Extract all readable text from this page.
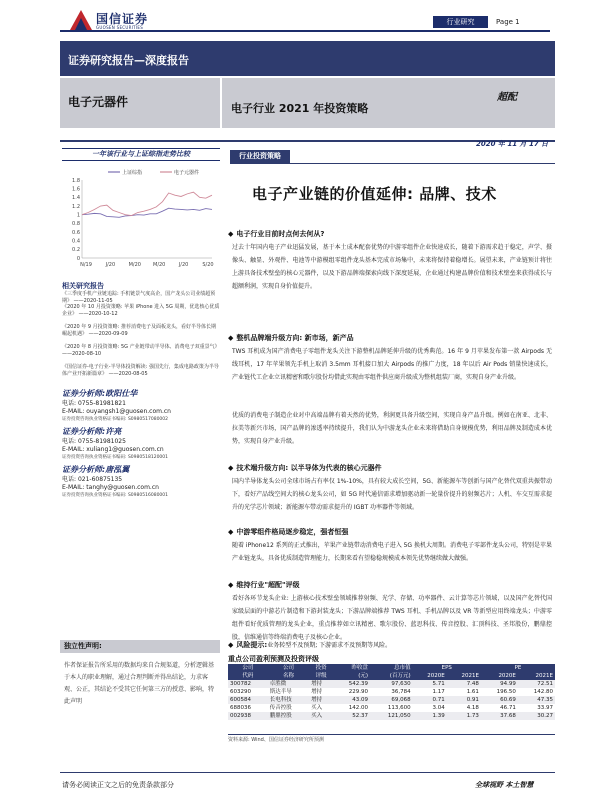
国信证券
GUOSEN SECURITIES
行业研究	Page 1
证券研究报告—深度报告
电子元器件	电子行业 2021 年投资策略
超配
2020 年 11 月 17 日
一年该行业与上证综指走势比较
上证综指	电子元器件
0
0.2
0.4
0.6
0.8
1
1.2
1.4
1.6
1.8
N/19	J/20	M/20 M/20	J/20	S/20
相关研究报告
《三季度手机产业链追踪: 手机链景气度高企，国产龙头公司业绩超预期》 ——2020-11-05
《2020 年 10 月投资策略: 苹果 iPhone 进入 5G 周期，优选核心优质企业》 ——2020-10-12
《2020 年 9 月投资策略: 推荐消费电子及面板龙头，看好半导体长期崛起机遇》 ——2020-09-09
《2020 年 8 月投资策略: 5G 产业链带动半导体、消费电子双重景气》 ——2020-08-10
《国信证券-电子行业-半导体投资解读: 强国先行，集成电路政策为半导体产业开拓新篇章》 ——2020-08-05
证券分析师:欧阳仕华
电话: 0755-81981821
E-MAIL: ouyangsh1@guosen.com.cn
证券投资咨询执业资格证书编码: S0980517080002
证券分析师:许亮
电话: 0755-81981025
E-MAIL: xuliang1@guosen.com.cn
证券投资咨询执业资格证书编码: S0980518120001
证券分析师:唐泓翼
电话: 021-60875135
E-MAIL: tanghy@guosen.com.cn
证券投资咨询执业资格证书编码: S0980516080001
独立性声明:
作者保证报告所采用的数据均来自合规渠道，分析逻辑基于本人的职业理解，通过合理判断并得出结论，力求客观、公正，其结论不受其它任何第三方的授意、影响，特此声明
行业投资策略
电子产业链的价值延伸: 品牌、技术
◆ 电子行业目前时点何去何从?
过去十年国内电子产业迅猛发展，基于本土成本配套优势的中游零组件企业快速成长，随着下游需求趋于稳定，声学、摄像头、触显、外观件、电池等中游模组零组件龙头基本完成市场集中，未来将保持着稳增长。展望未来，产业链预计将往上游具备技术壁垒的核心元器件，以及下游品牌端探索向线下深度延展，企业通过构建品牌价值和技术壁垒来获得成长与超额利润，实现自身价值提升。
◆ 整机品牌端升级方向: 新市场，新产品
TWS 耳机成为国产消费电子零组件龙头关注下游整机品牌延伸升级的优秀典范。16 年 9 月苹果发布第一款 Airpods 无线耳机，17 年苹果领先手机上取消 3.5mm 耳机接口加大 Airpods 的推广力度，18 年以后 Air Pods 销量快速成长，产业链代工企业立讯精密和歌尔股份均借此实现由零组件供应商升级成为整机组装厂商，实现自身产业升级。
优质的消费电子制造企业对中高端品牌有着天然的优势，利润更具备升级空间，实现自身产品升级。例如在南亚、北非、拉美等新兴市场，国产品牌的渗透率持续提升，我们认为中游龙头企业未来将借助自身规模优势，利用品牌及制造成本优势，实现自身产业升级。
◆ 技术端升级方向: 以半导体为代表的核心元器件
国内半导体龙头公司全球市场占有率仅 1%-10%，具有较大成长空间，5G、新能源车等创新与国产化替代双重共振带动下，看好产品线空间大的核心龙头公司，如 5G 时代通信需求增加驱动新一轮量价提升的射频芯片；人机、车交互需求提升的光学芯片领域；新能源车带动需求提升的 IGBT 功率器件等领域。
◆ 中游零组件格局逐步稳定，强者恒强
随着 iPhone12 系列的正式推出，苹果产业链带动消费电子进入 5G 换机大周期。消费电子零部件龙头公司，特别是苹果产业链龙头，具备优质制造管理能力，长期来看有望稳稳规模成本领先优势继续做大做强。
◆ 维持行业"超配"评级
看好各环节龙头企业: 上游核心技术壁垒领域推荐射频、光学、存储、功率器件、云计算等芯片领域，以及国产化替代国家级层面的中游芯片制造和下游封装龙头；下游品牌端推荐 TWS 耳机、手机品牌以及 VR 等新型应用终端龙头；中游零组件看好优质管理的龙头企业，重点推荐如立讯精密、歌尔股份、蓝思科技、传音控股、汇顶科技、圣邦股份，鹏鼎控股，信维通信等终端消费电子及核心企业。
◆ 风险提示:业务转型不及预期; 下游需求不及预期等风险。
重点公司盈利预测及投资评级
公司	公司	投资	昨收盘	总市值	EPS		PE	
代码	名称	评级	(元)	(百万元)	2020E	2021E	2020E	2021E
300782	卓胜微	增持	542.39	97,630	5.71	7.48	94.99	72.51
603290	斯达半导	增持	229.90	36,784	1.17	1.61	196.50	142.80
600584	长电科技	增持	43.09	69,068	0.71	0.91	60.69	47.35
688036	传音控股	买入	142.00	113,600	3.04	4.18	46.71	33.97
002938	鹏鼎控股	买入	52.37	121,050	1.39	1.73	37.68	30.27
资料来源: Wind、国信证券经济研究所预测
请务必阅读正文之后的免责条款部分	全球视野 本土智慧
